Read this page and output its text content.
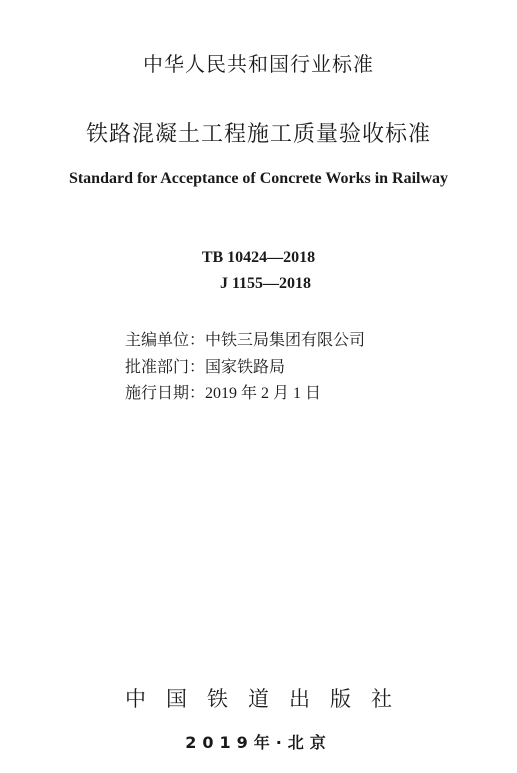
中华人民共和国行业标准
铁路混凝土工程施工质量验收标准
Standard for Acceptance of Concrete Works in Railway
TB 10424—2018
J 1155—2018
主编单位：中铁三局集团有限公司
批准部门：国家铁路局
施行日期：2019 年 2 月 1 日
中国铁道出版社
2019年·北京
